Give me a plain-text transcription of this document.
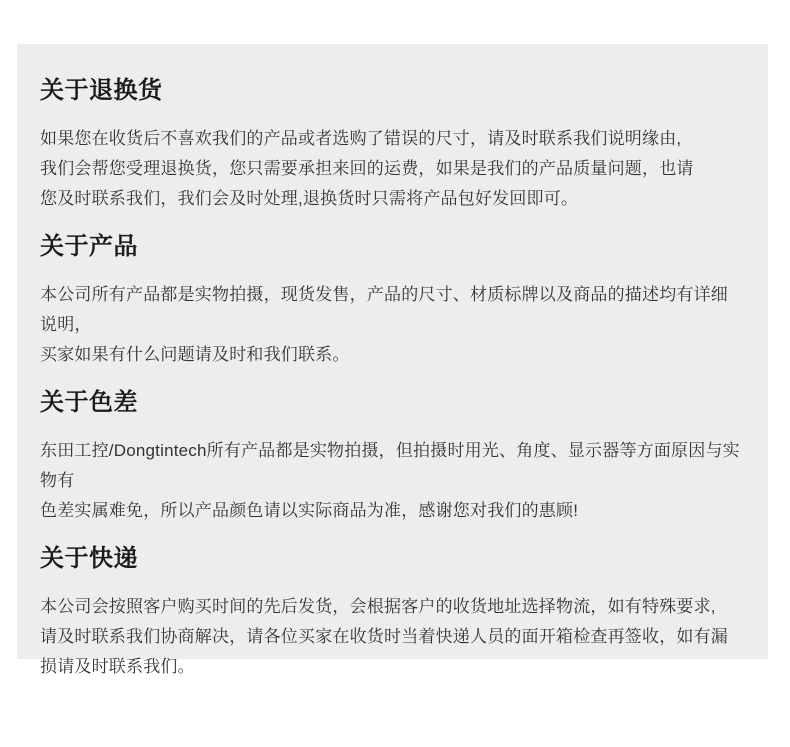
关于退换货

如果您在收货后不喜欢我们的产品或者选购了错误的尺寸，请及时联系我们说明缘由,
我们会帮您受理退换货，您只需要承担来回的运费，如果是我们的产品质量问题，也请
您及时联系我们，我们会及时处理,退换货时只需将产品包好发回即可。

关于产品

本公司所有产品都是实物拍摄，现货发售，产品的尺寸、材质标牌以及商品的描述均有详细说明，
买家如果有什么问题请及时和我们联系。

关于色差

东田工控/Dongtintech所有产品都是实物拍摄，但拍摄时用光、角度、显示器等方面原因与实物有
色差实属难免，所以产品颜色请以实际商品为准，感谢您对我们的惠顾!

关于快递

本公司会按照客户购买时间的先后发货，会根据客户的收货地址选择物流，如有特殊要求,
请及时联系我们协商解决，请各位买家在收货时当着快递人员的面开箱检查再签收，如有漏
损请及时联系我们。
